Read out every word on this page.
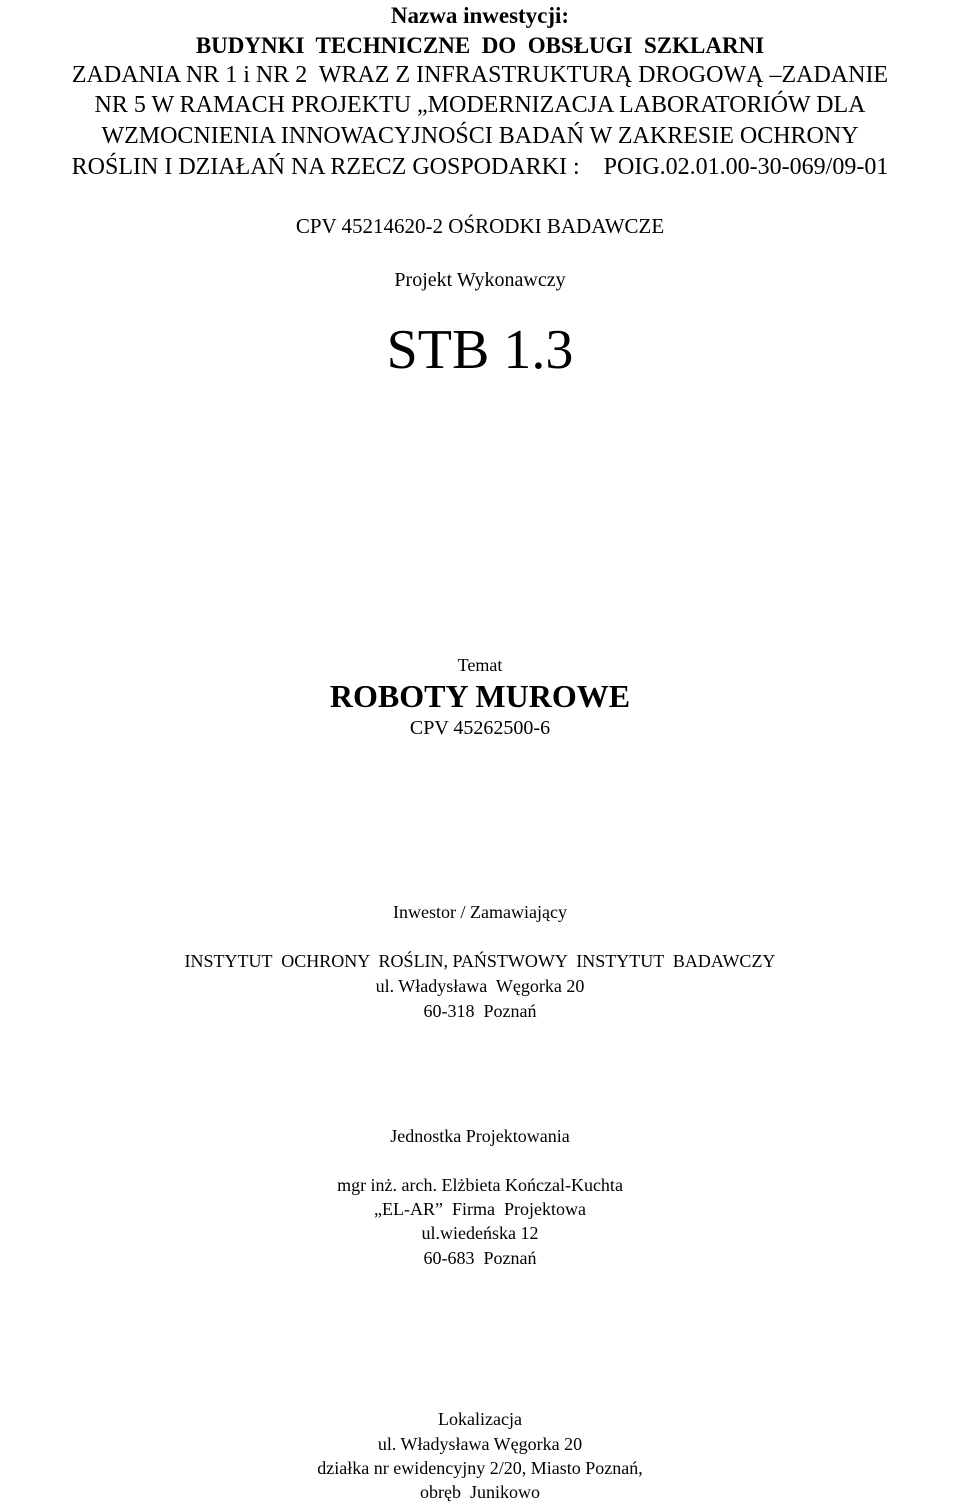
Nazwa inwestycji:
BUDYNKI  TECHNICZNE  DO  OBSŁUGI  SZKLARNI
ZADANIA NR 1 i NR 2  WRAZ Z INFRASTRUKTURĄ DROGOWĄ –ZADANIE
NR 5 W RAMACH PROJEKTU „MODERNIZACJA LABORATORIÓW DLA
WZMOCNIENIA INNOWACYJNOŚCI BADAŃ W ZAKRESIE OCHRONY
ROŚLIN I DZIAŁAŃ NA RZECZ GOSPODARKI :    POIG.02.01.00-30-069/09-01
CPV 45214620-2 OŚRODKI BADAWCZE
Projekt Wykonawczy
STB 1.3
Temat
ROBOTY MUROWE
CPV 45262500-6
Inwestor / Zamawiający
INSTYTUT  OCHRONY  ROŚLIN, PAŃSTWOWY  INSTYTUT  BADAWCZY
ul. Władysława  Węgorka 20
60-318  Poznań
Jednostka Projektowania
mgr inż. arch. Elżbieta Kończal-Kuchta
„EL-AR”  Firma  Projektowa
ul.wiedeńska 12
60-683  Poznań
Lokalizacja
ul. Władysława Węgorka 20
działka nr ewidencyjny 2/20, Miasto Poznań,
obręb  Junikowo
